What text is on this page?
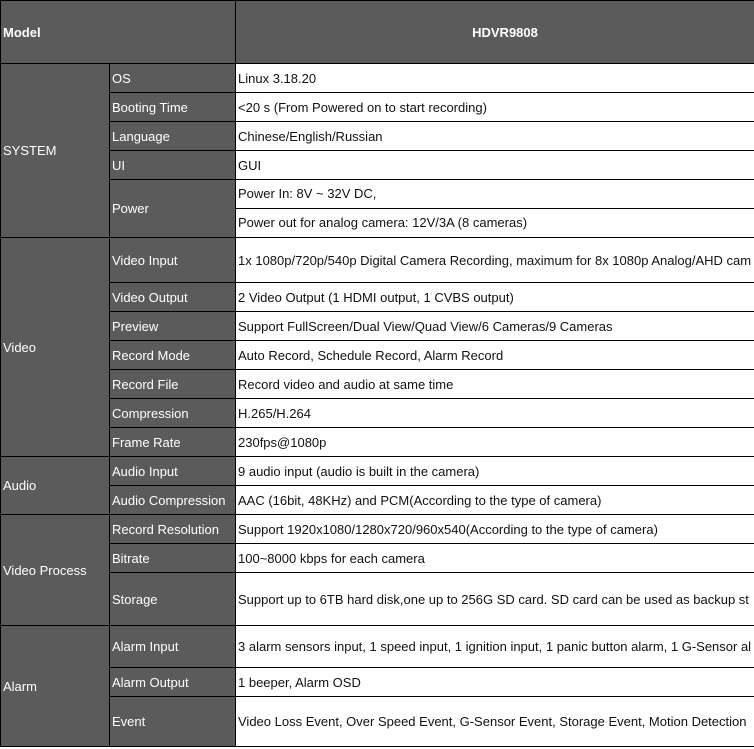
Model		HDVR9808
SYSTEM	OS	Linux 3.18.20
	Booting Time	<20 s (From Powered on to start recording)
	Language	Chinese/English/Russian
	UI	GUI
	Power	Power In: 8V ~ 32V DC,
Power out for analog camera: 12V/3A (8 cameras)

Video	Video Input	1x 1080p/720p/540p Digital Camera Recording, maximum for 8x 1080p Analog/AHD cam
	Video Output	2 Video Output (1 HDMI output, 1 CVBS output)
	Preview	Support FullScreen/Dual View/Quad View/6 Cameras/9 Cameras
	Record Mode	Auto Record, Schedule Record, Alarm Record
	Record File	Record video and audio at same time
	Compression	H.265/H.264
	Frame Rate	230fps@1080p
Audio	Audio Input	9 audio input (audio is built in the camera)
	Audio Compression	AAC (16bit, 48KHz) and PCM(According to the type of camera)
Video Process	Record Resolution	Support 1920x1080/1280x720/960x540(According to the type of camera)
	Bitrate	100~8000 kbps for each camera
	Storage	Support up to 6TB hard disk,one up to 256G SD card. SD card can be used as backup st
Alarm	Alarm Input	3 alarm sensors input, 1 speed input, 1 ignition input, 1 panic button alarm, 1 G-Sensor al
	Alarm Output	1 beeper, Alarm OSD
	Event	Video Loss Event, Over Speed Event, G-Sensor Event, Storage Event, Motion Detection
